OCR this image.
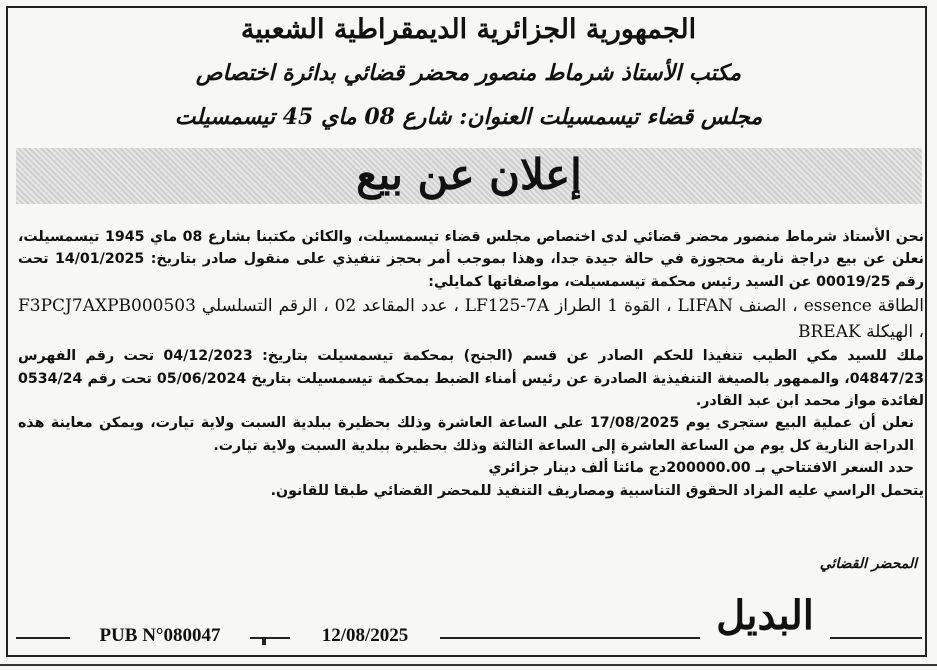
الجمهورية الجزائرية الديمقراطية الشعبية
مكتب الأستاذ شرماط منصور محضر قضائي بدائرة اختصاص
مجلس قضاء تيسمسيلت العنوان: شارع 08 ماي 45 تيسمسيلت
إعلان عن بيع

نحن الأستاذ شرماط منصور محضر قضائي لدى اختصاص مجلس قضاء تيسمسيلت، والكائن مكتبنا بشارع 08 ماي 1945 تيسمسيلت، نعلن عن بيع دراجة نارية محجوزة في حالة جيدة جدا، وهذا بموجب أمر بحجز تنفيذي على منقول صادر بتاريخ: 14/01/2025 تحت رقم 00019/25 عن السيد رئيس محكمة تيسمسيلت، مواصفاتها كمايلي:

الطاقة essence ، الصنف LIFAN ، القوة 1 الطراز LF125-7A ، عدد المقاعد 02 ، الرقم التسلسلي F3PCJ7AXPB000503 ، الهيكلة BREAK

ملك للسيد مكي الطيب تنفيذا للحكم الصادر عن قسم (الجنح) بمحكمة تيسمسيلت بتاريخ: 04/12/2023 تحت رقم الفهرس 04847/23، والممهور بالصيغة التنفيذية الصادرة عن رئيس أمناء الضبط بمحكمة تيسمسيلت بتاريخ 05/06/2024 تحت رقم 0534/24 لفائدة مواز محمد ابن عبد القادر.

نعلن أن عملية البيع ستجرى يوم 17/08/2025 على الساعة العاشرة وذلك بحظيرة ببلدية السبت ولاية تيارت، ويمكن معاينة هذه الدراجة النارية كل يوم من الساعة العاشرة إلى الساعة الثالثة وذلك بحظيرة ببلدية السبت ولاية تيارت.

حدد السعر الافتتاحي بـ 200000.00دج مائتا ألف دينار جزائري

يتحمل الراسي عليه المزاد الحقوق التناسبية ومصاريف التنفيذ للمحضر القضائي طبقا للقانون.

المحضر القضائي
البديل
PUB N°080047	12/08/2025
